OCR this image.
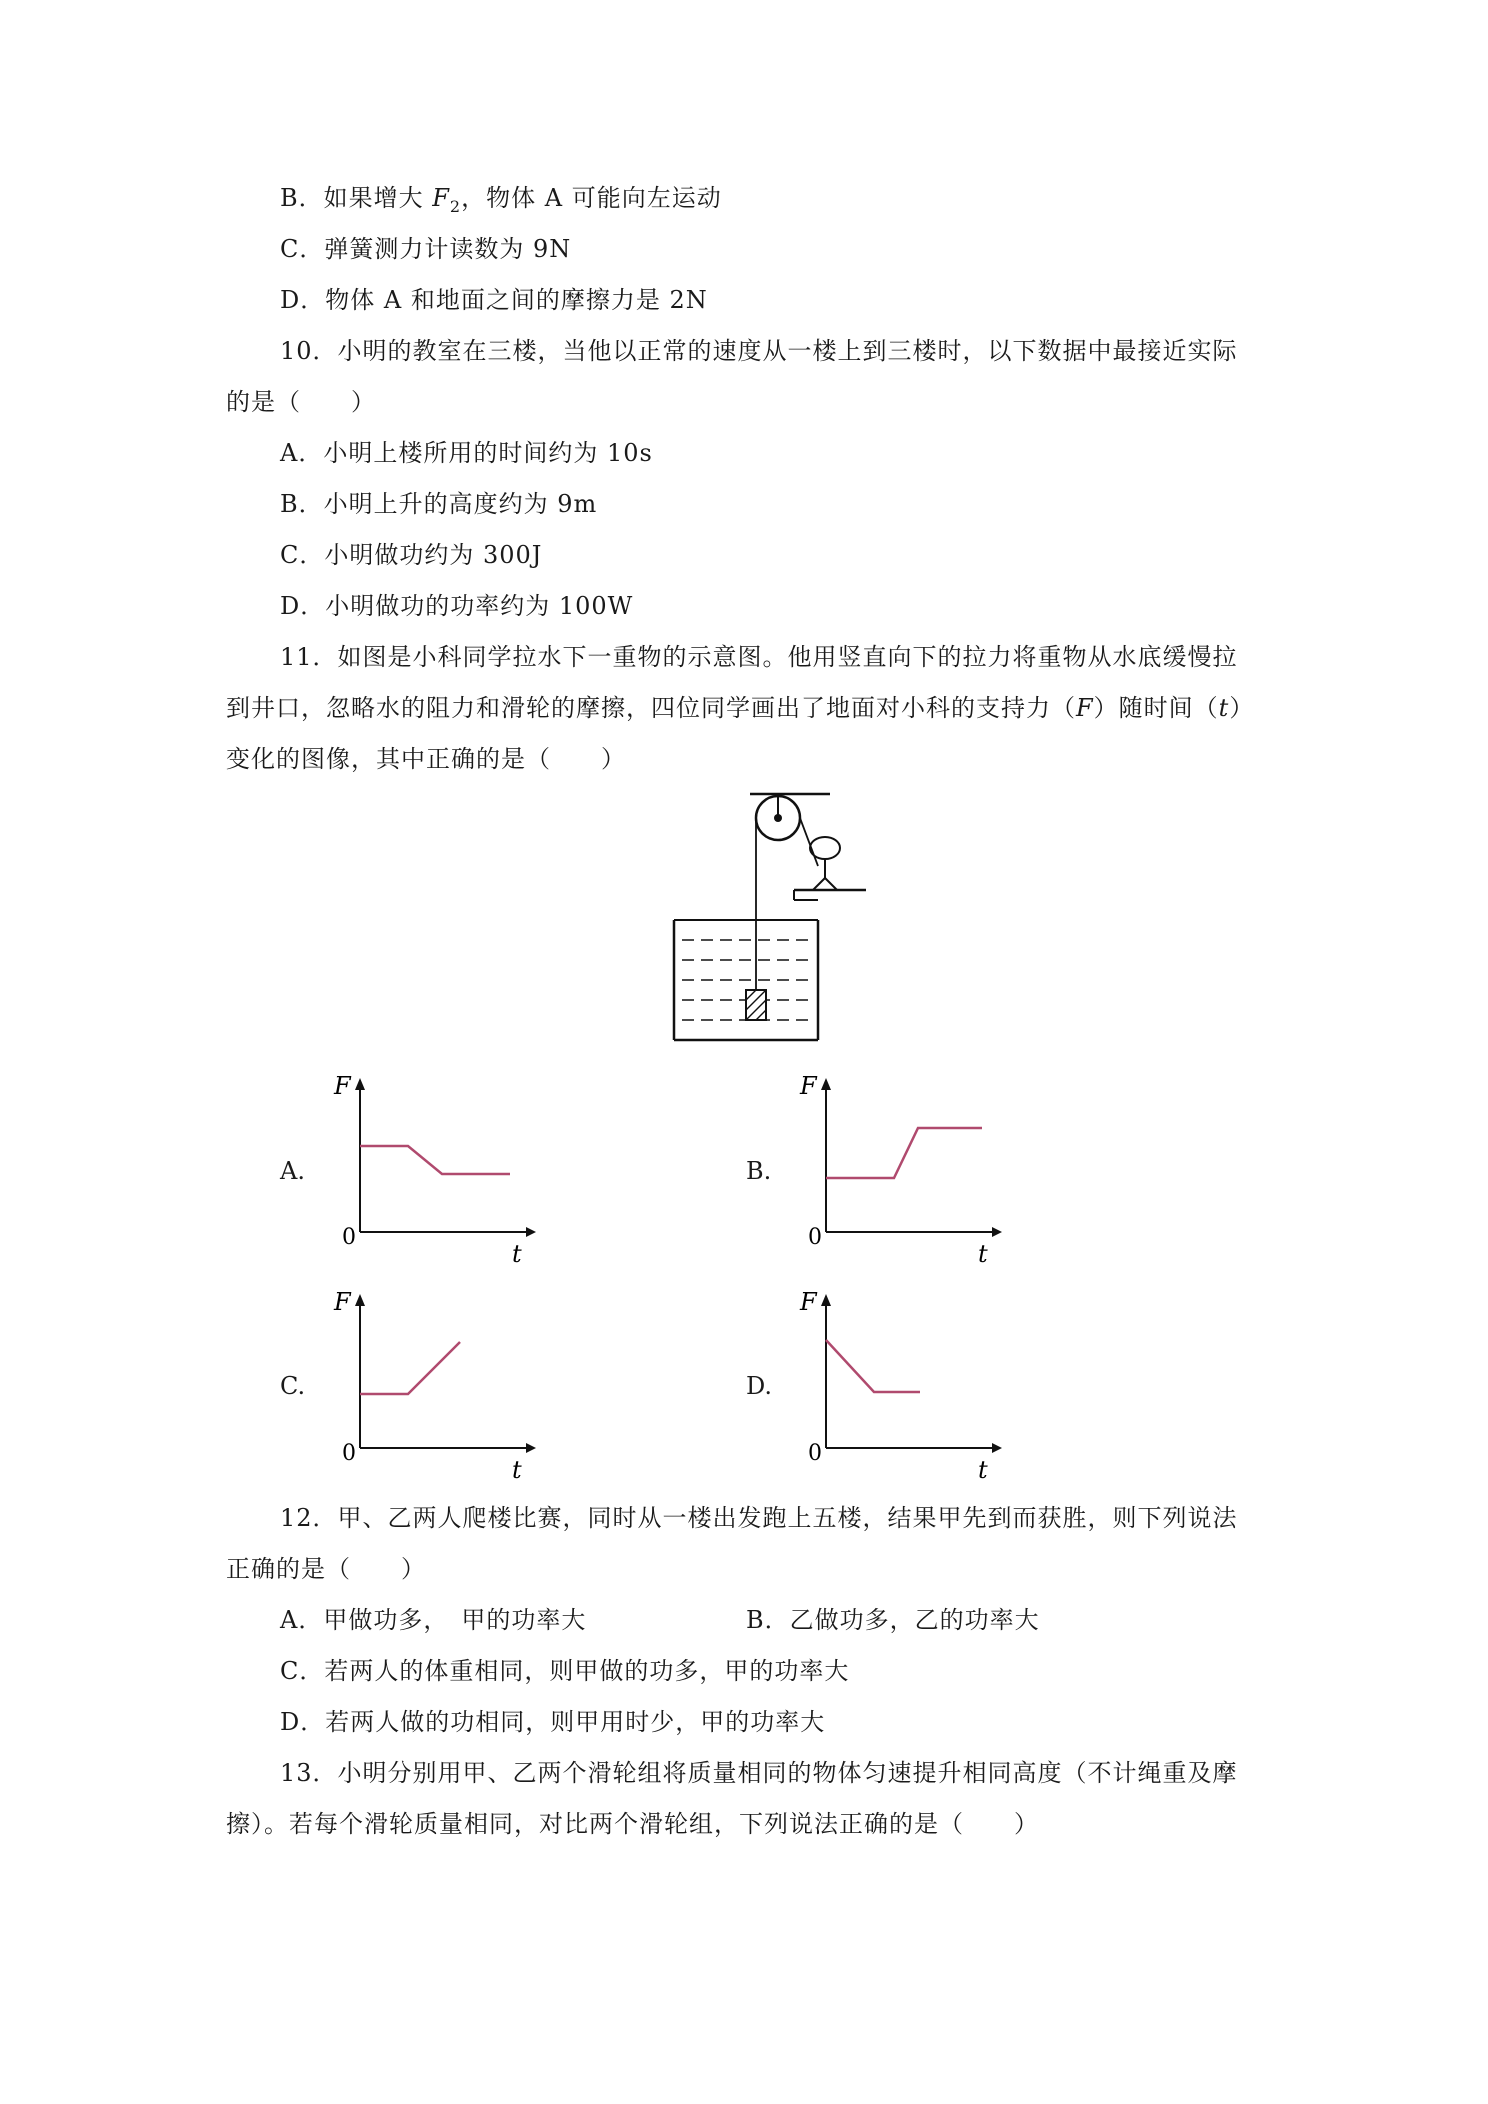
B．如果增大 $F_2$，物体 A 可能向左运动
C．弹簧测力计读数为 9N
D．物体 A 和地面之间的摩擦力是 2N
10．小明的教室在三楼，当他以正常的速度从一楼上到三楼时，以下数据中最接近实际
的是（　　）
A．小明上楼所用的时间约为 10s
B．小明上升的高度约为 9m
C．小明做功约为 300J
D．小明做功的功率约为 100W
11．如图是小科同学拉水下一重物的示意图。他用竖直向下的拉力将重物从水底缓慢拉
到井口，忽略水的阻力和滑轮的摩擦，四位同学画出了地面对小科的支持力（F）随时间（t）
变化的图像，其中正确的是（　　）
A.
F
0
t
B.
F
0
t
C.
F
0
t
D.
F
0
t
12．甲、乙两人爬楼比赛，同时从一楼出发跑上五楼，结果甲先到而获胜，则下列说法
正确的是（　　）
A．甲做功多，　甲的功率大	B．乙做功多，乙的功率大
C．若两人的体重相同，则甲做的功多，甲的功率大
D．若两人做的功相同，则甲用时少，甲的功率大
13．小明分别用甲、乙两个滑轮组将质量相同的物体匀速提升相同高度（不计绳重及摩
擦）。若每个滑轮质量相同，对比两个滑轮组，下列说法正确的是（　　）
